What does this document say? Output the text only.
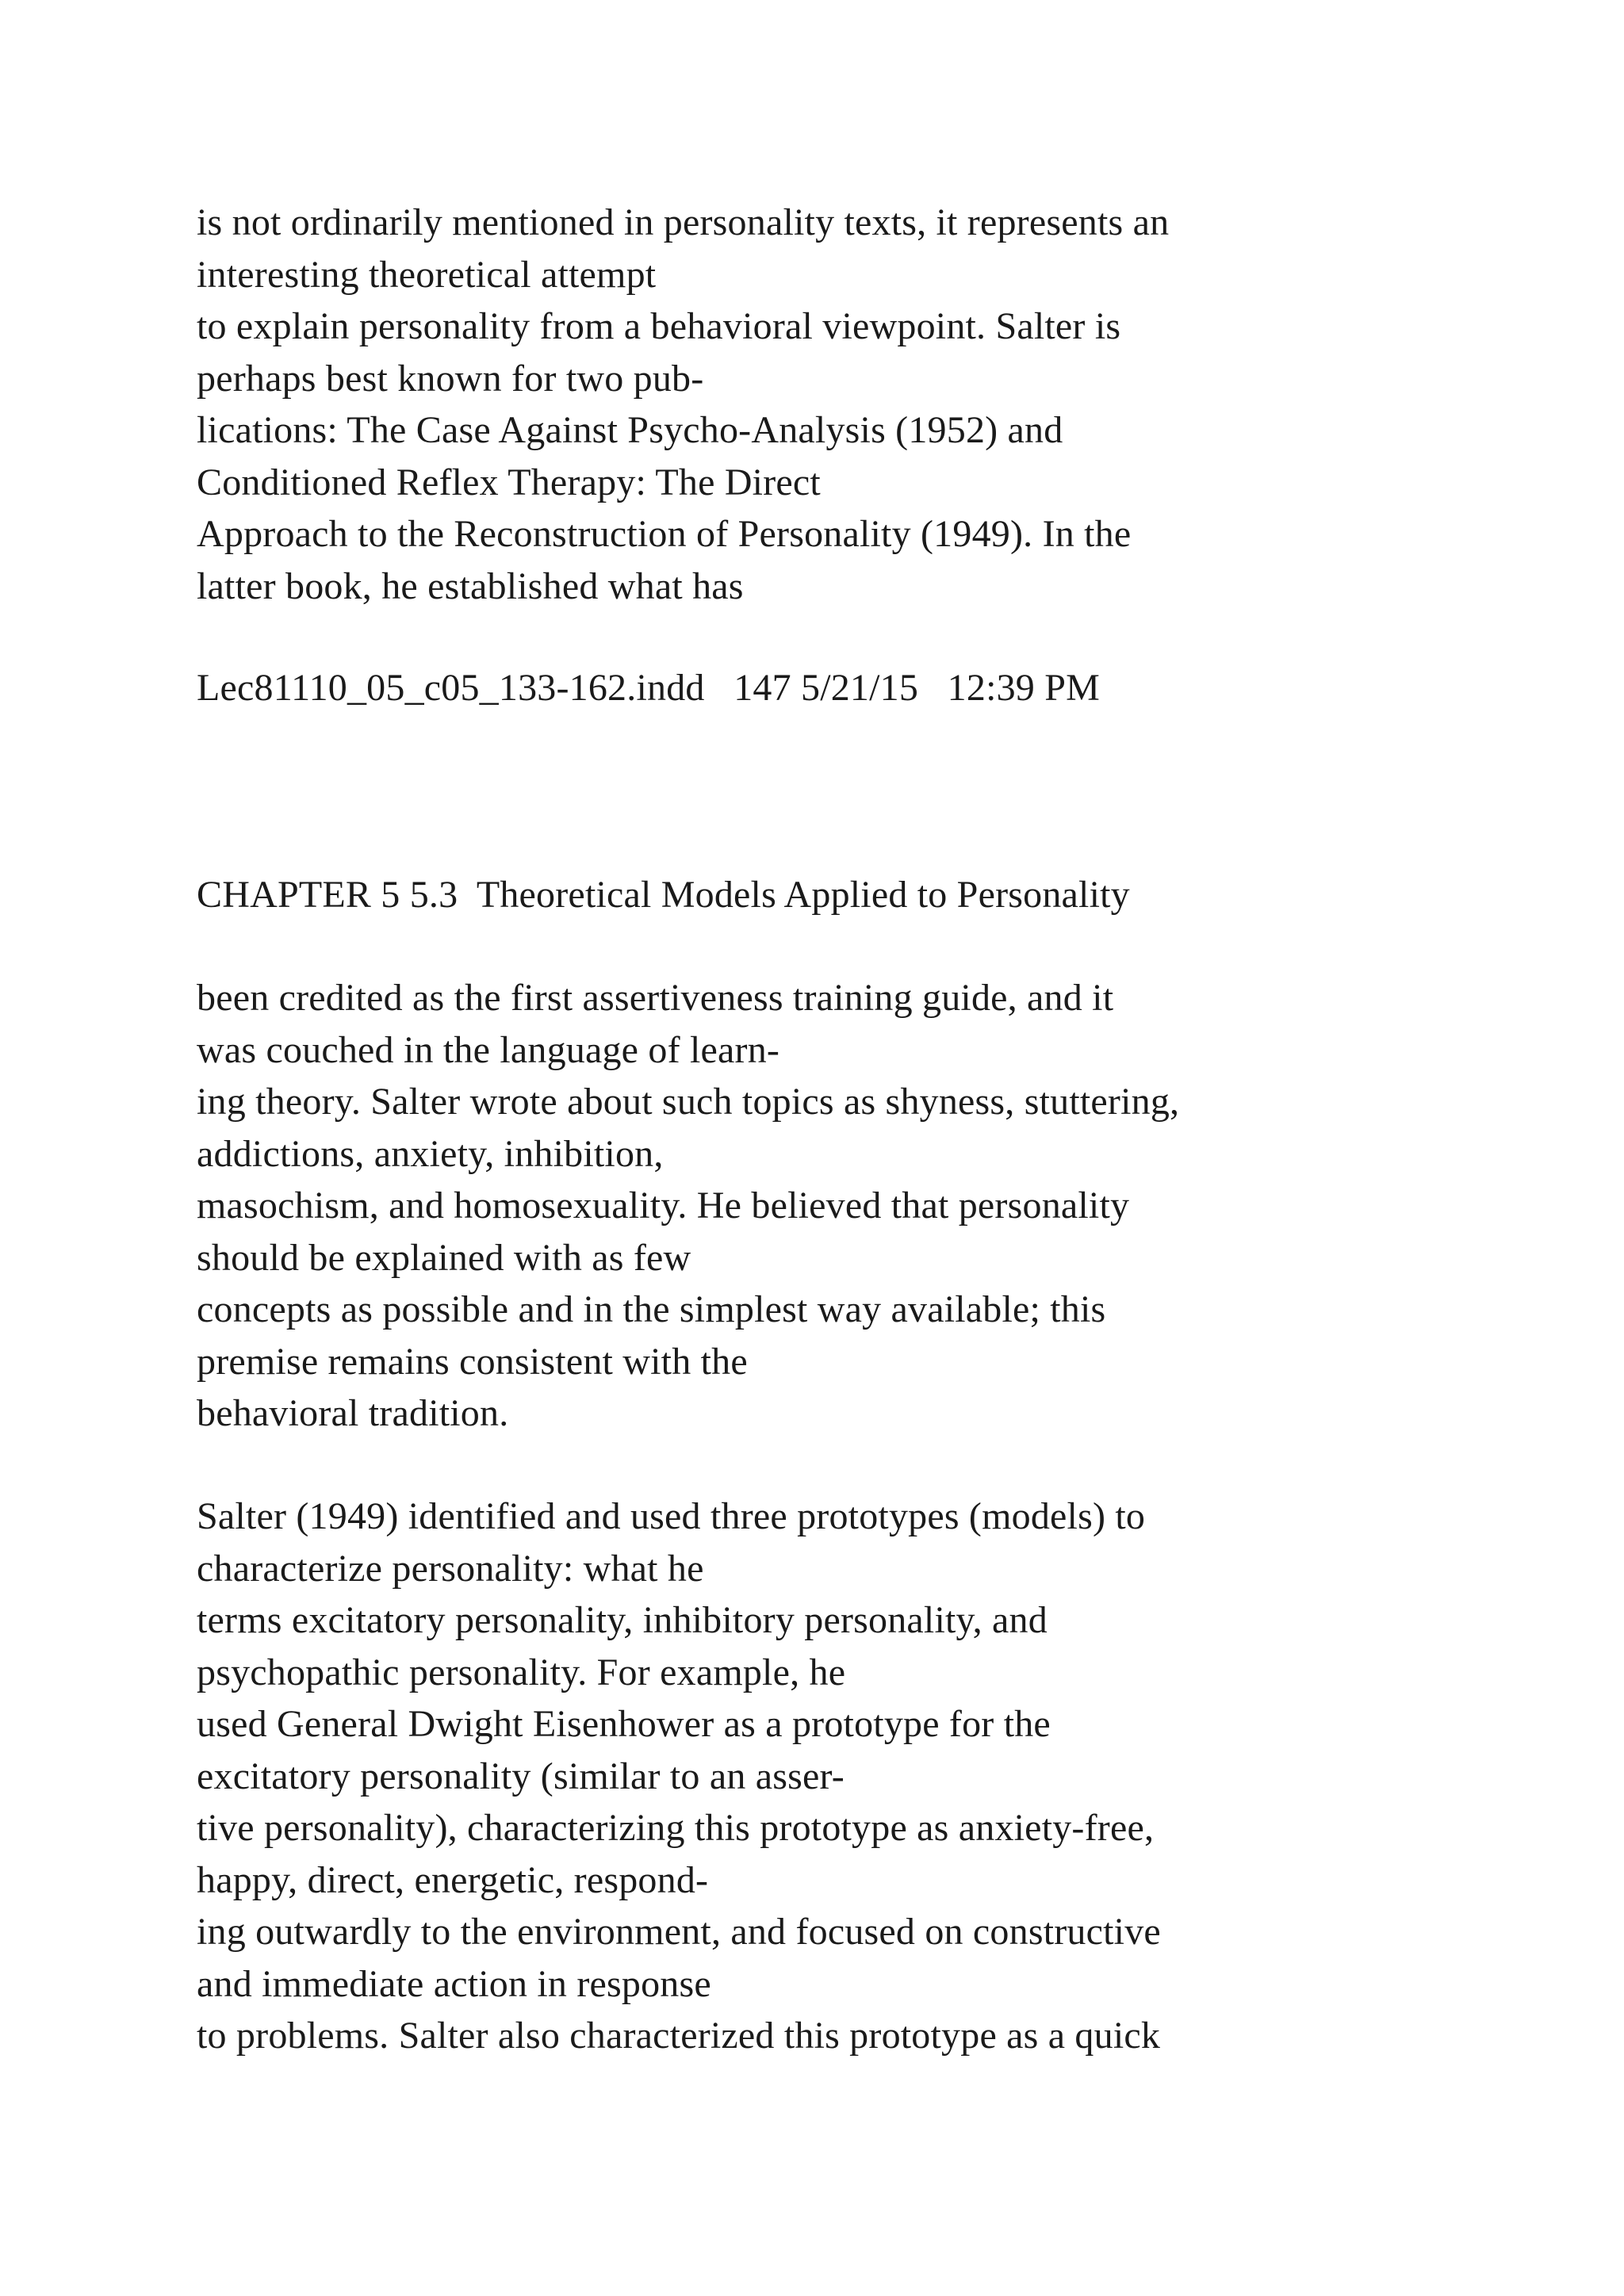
is not ordinarily mentioned in personality texts, it represents an
interesting theoretical attempt
to explain personality from a behavioral viewpoint. Salter is
perhaps best known for two pub-
lications: The Case Against Psycho-Analysis (1952) and
Conditioned Reflex Therapy: The Direct
Approach to the Reconstruction of Personality (1949). In the
latter book, he established what has
Lec81110_05_c05_133-162.indd   147 5/21/15   12:39 PM
CHAPTER 5 5.3  Theoretical Models Applied to Personality
been credited as the first assertiveness training guide, and it
was couched in the language of learn-
ing theory. Salter wrote about such topics as shyness, stuttering,
addictions, anxiety, inhibition,
masochism, and homosexuality. He believed that personality
should be explained with as few
concepts as possible and in the simplest way available; this
premise remains consistent with the
behavioral tradition.
Salter (1949) identified and used three prototypes (models) to
characterize personality: what he
terms excitatory personality, inhibitory personality, and
psychopathic personality. For example, he
used General Dwight Eisenhower as a prototype for the
excitatory personality (similar to an asser-
tive personality), characterizing this prototype as anxiety-free,
happy, direct, energetic, respond-
ing outwardly to the environment, and focused on constructive
and immediate action in response
to problems. Salter also characterized this prototype as a quick
